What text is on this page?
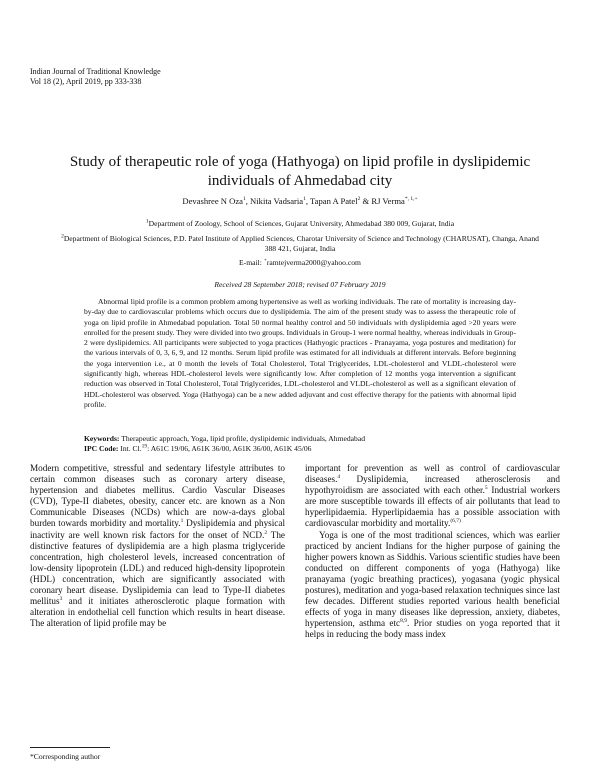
Indian Journal of Traditional Knowledge
Vol 18 (2), April 2019, pp 333-338
Study of therapeutic role of yoga (Hathyoga) on lipid profile in dyslipidemic individuals of Ahmedabad city
Devashree N Oza$^1$, Nikita Vadsaria$^1$, Tapan A Patel$^2$ & RJ Verma$^{*, 1,+}$
$^1$Department of Zoology, School of Sciences, Gujarat University, Ahmedabad 380 009, Gujarat, India
$^2$Department of Biological Sciences, P.D. Patel Institute of Applied Sciences, Charotar University of Science and Technology (CHARUSAT), Changa, Anand 388 421, Gujarat, India
E-mail: +ramtejverma2000@yahoo.com
Received 28 September 2018; revised 07 February 2019
Abnormal lipid profile is a common problem among hypertensive as well as working individuals. The rate of mortality is increasing day-by-day due to cardiovascular problems which occurs due to dyslipidemia. The aim of the present study was to assess the therapeutic role of yoga on lipid profile in Ahmedabad population. Total 50 normal healthy control and 50 individuals with dyslipidemia aged >20 years were enrolled for the present study. They were divided into two groups. Individuals in Group-1 were normal healthy, whereas individuals in Group-2 were dyslipidemics. All participants were subjected to yoga practices (Hathyogic practices - Pranayama, yoga postures and meditation) for the various intervals of 0, 3, 6, 9, and 12 months. Serum lipid profile was estimated for all individuals at different intervals. Before beginning the yoga intervention i.e., at 0 month the levels of Total Cholesterol, Total Triglycerides, LDL-cholesterol and VLDL-cholesterol were significantly high, whereas HDL-cholesterol levels were significantly low. After completion of 12 months yoga intervention a significant reduction was observed in Total Cholesterol, Total Triglycerides, LDL-cholesterol and VLDL-cholesterol as well as a significant elevation of HDL-cholesterol was observed. Yoga (Hathyoga) can be a new added adjuvant and cost effective therapy for the patients with abnormal lipid profile.
Keywords: Therapeutic approach, Yoga, lipid profile, dyslipidemic individuals, Ahmedabad
IPC Code: Int. Cl.$^{19}$: A61C 19/06, A61K 36/00, A61K 36/00, A61K 45/06

Modern competitive, stressful and sedentary lifestyle attributes to certain common diseases such as coronary artery disease, hypertension and diabetes mellitus. Cardio Vascular Diseases (CVD), Type-II diabetes, obesity, cancer etc. are known as a Non Communicable Diseases (NCDs) which are now-a-days global burden towards morbidity and mortality.$^1$ Dyslipidemia and physical inactivity are well known risk factors for the onset of NCD.$^2$ The distinctive features of dyslipidemia are a high plasma triglyceride concentration, high cholesterol levels, increased concentration of low-density lipoprotein (LDL) and reduced high-density lipoprotein (HDL) concentration, which are significantly associated with coronary heart disease. Dyslipidemia can lead to Type-II diabetes mellitus$^3$ and it initiates atherosclerotic plaque formation with alteration in endothelial cell function which results in heart disease. The alteration of lipid profile may be

important for prevention as well as control of cardiovascular diseases.$^4$ Dyslipidemia, increased atherosclerosis and hypothyroidism are associated with each other.$^5$ Industrial workers are more susceptible towards ill effects of air pollutants that lead to hyperlipidaemia. Hyperlipidaemia has a possible association with cardiovascular morbidity and mortality.$^{(6,7)}$

Yoga is one of the most traditional sciences, which was earlier practiced by ancient Indians for the higher purpose of gaining the higher powers known as Siddhis. Various scientific studies have been conducted on different components of yoga (Hathyoga) like pranayama (yogic breathing practices), yogasana (yogic physical postures), meditation and yoga-based relaxation techniques since last few decades. Different studies reported various health beneficial effects of yoga in many diseases like depression, anxiety, diabetes, hypertension, asthma etc$^{8,9}$. Prior studies on yoga reported that it helps in reducing the body mass index

*Corresponding author
